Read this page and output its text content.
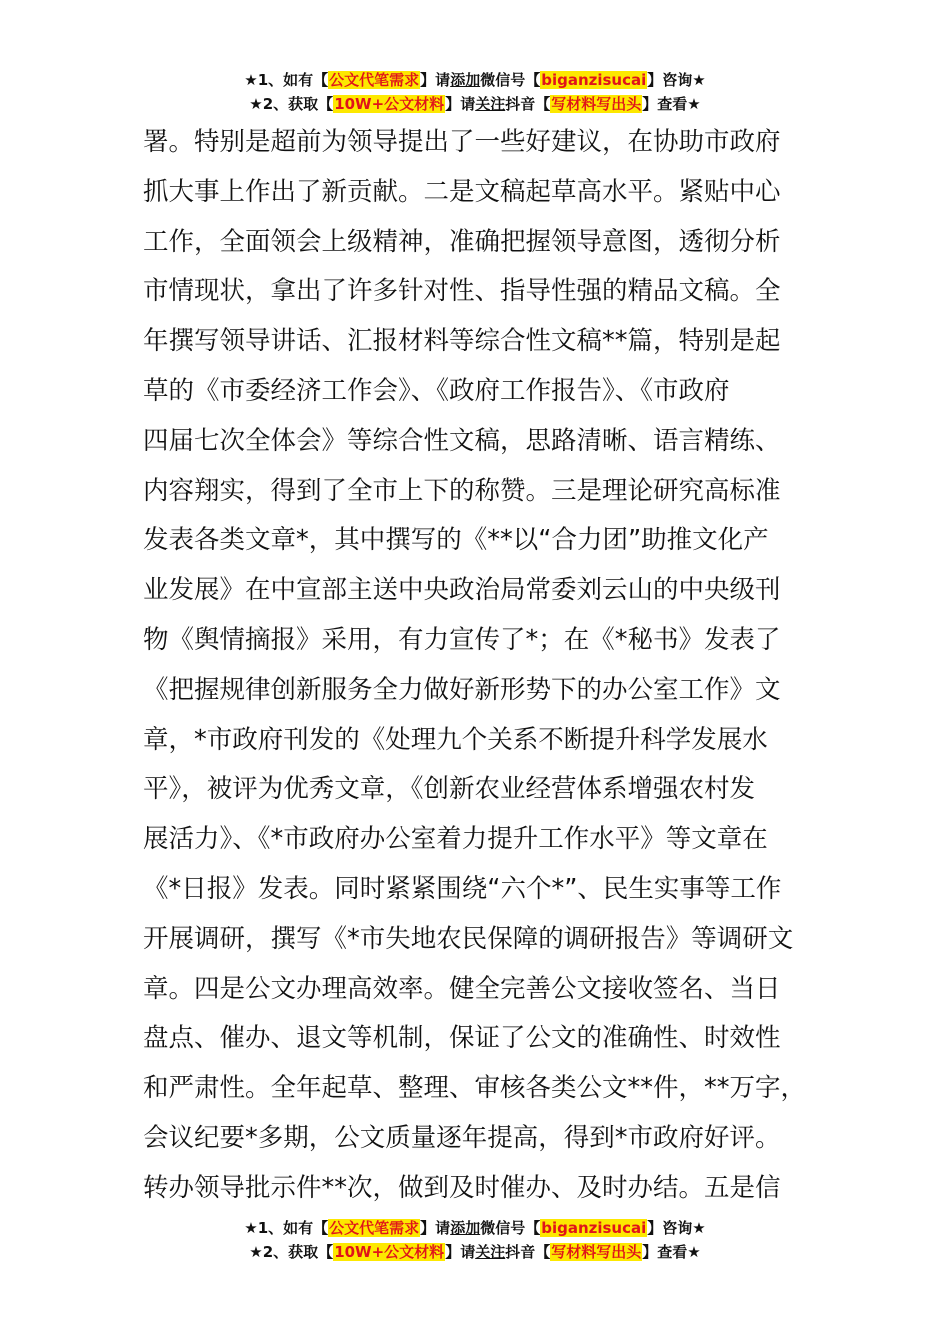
★1、如有【公文代笔需求】请添加微信号【biganzisucai】咨询★
★2、获取【10W+公文材料】请关注抖音【写材料写出头】查看★
署。特别是超前为领导提出了一些好建议，在协助市政府
抓大事上作出了新贡献。二是文稿起草高水平。紧贴中心
工作，全面领会上级精神，准确把握领导意图，透彻分析
市情现状，拿出了许多针对性、指导性强的精品文稿。全
年撰写领导讲话、汇报材料等综合性文稿**篇，特别是起
草的《市委经济工作会》、《政府工作报告》、《市政府
四届七次全体会》等综合性文稿，思路清晰、语言精练、
内容翔实，得到了全市上下的称赞。三是理论研究高标准
发表各类文章*，其中撰写的《**以“合力团”助推文化产
业发展》在中宣部主送中央政治局常委刘云山的中央级刊
物《舆情摘报》采用，有力宣传了*；在《*秘书》发表了
《把握规律创新服务全力做好新形势下的办公室工作》文
章，*市政府刊发的《处理九个关系不断提升科学发展水
平》，被评为优秀文章，《创新农业经营体系增强农村发
展活力》、《*市政府办公室着力提升工作水平》等文章在
《*日报》发表。同时紧紧围绕“六个*”、民生实事等工作
开展调研，撰写《*市失地农民保障的调研报告》等调研文
章。四是公文办理高效率。健全完善公文接收签名、当日
盘点、催办、退文等机制，保证了公文的准确性、时效性
和严肃性。全年起草、整理、审核各类公文**件，**万字，
会议纪要*多期，公文质量逐年提高，得到*市政府好评。
转办领导批示件**次，做到及时催办、及时办结。五是信
★1、如有【公文代笔需求】请添加微信号【biganzisucai】咨询★
★2、获取【10W+公文材料】请关注抖音【写材料写出头】查看★
